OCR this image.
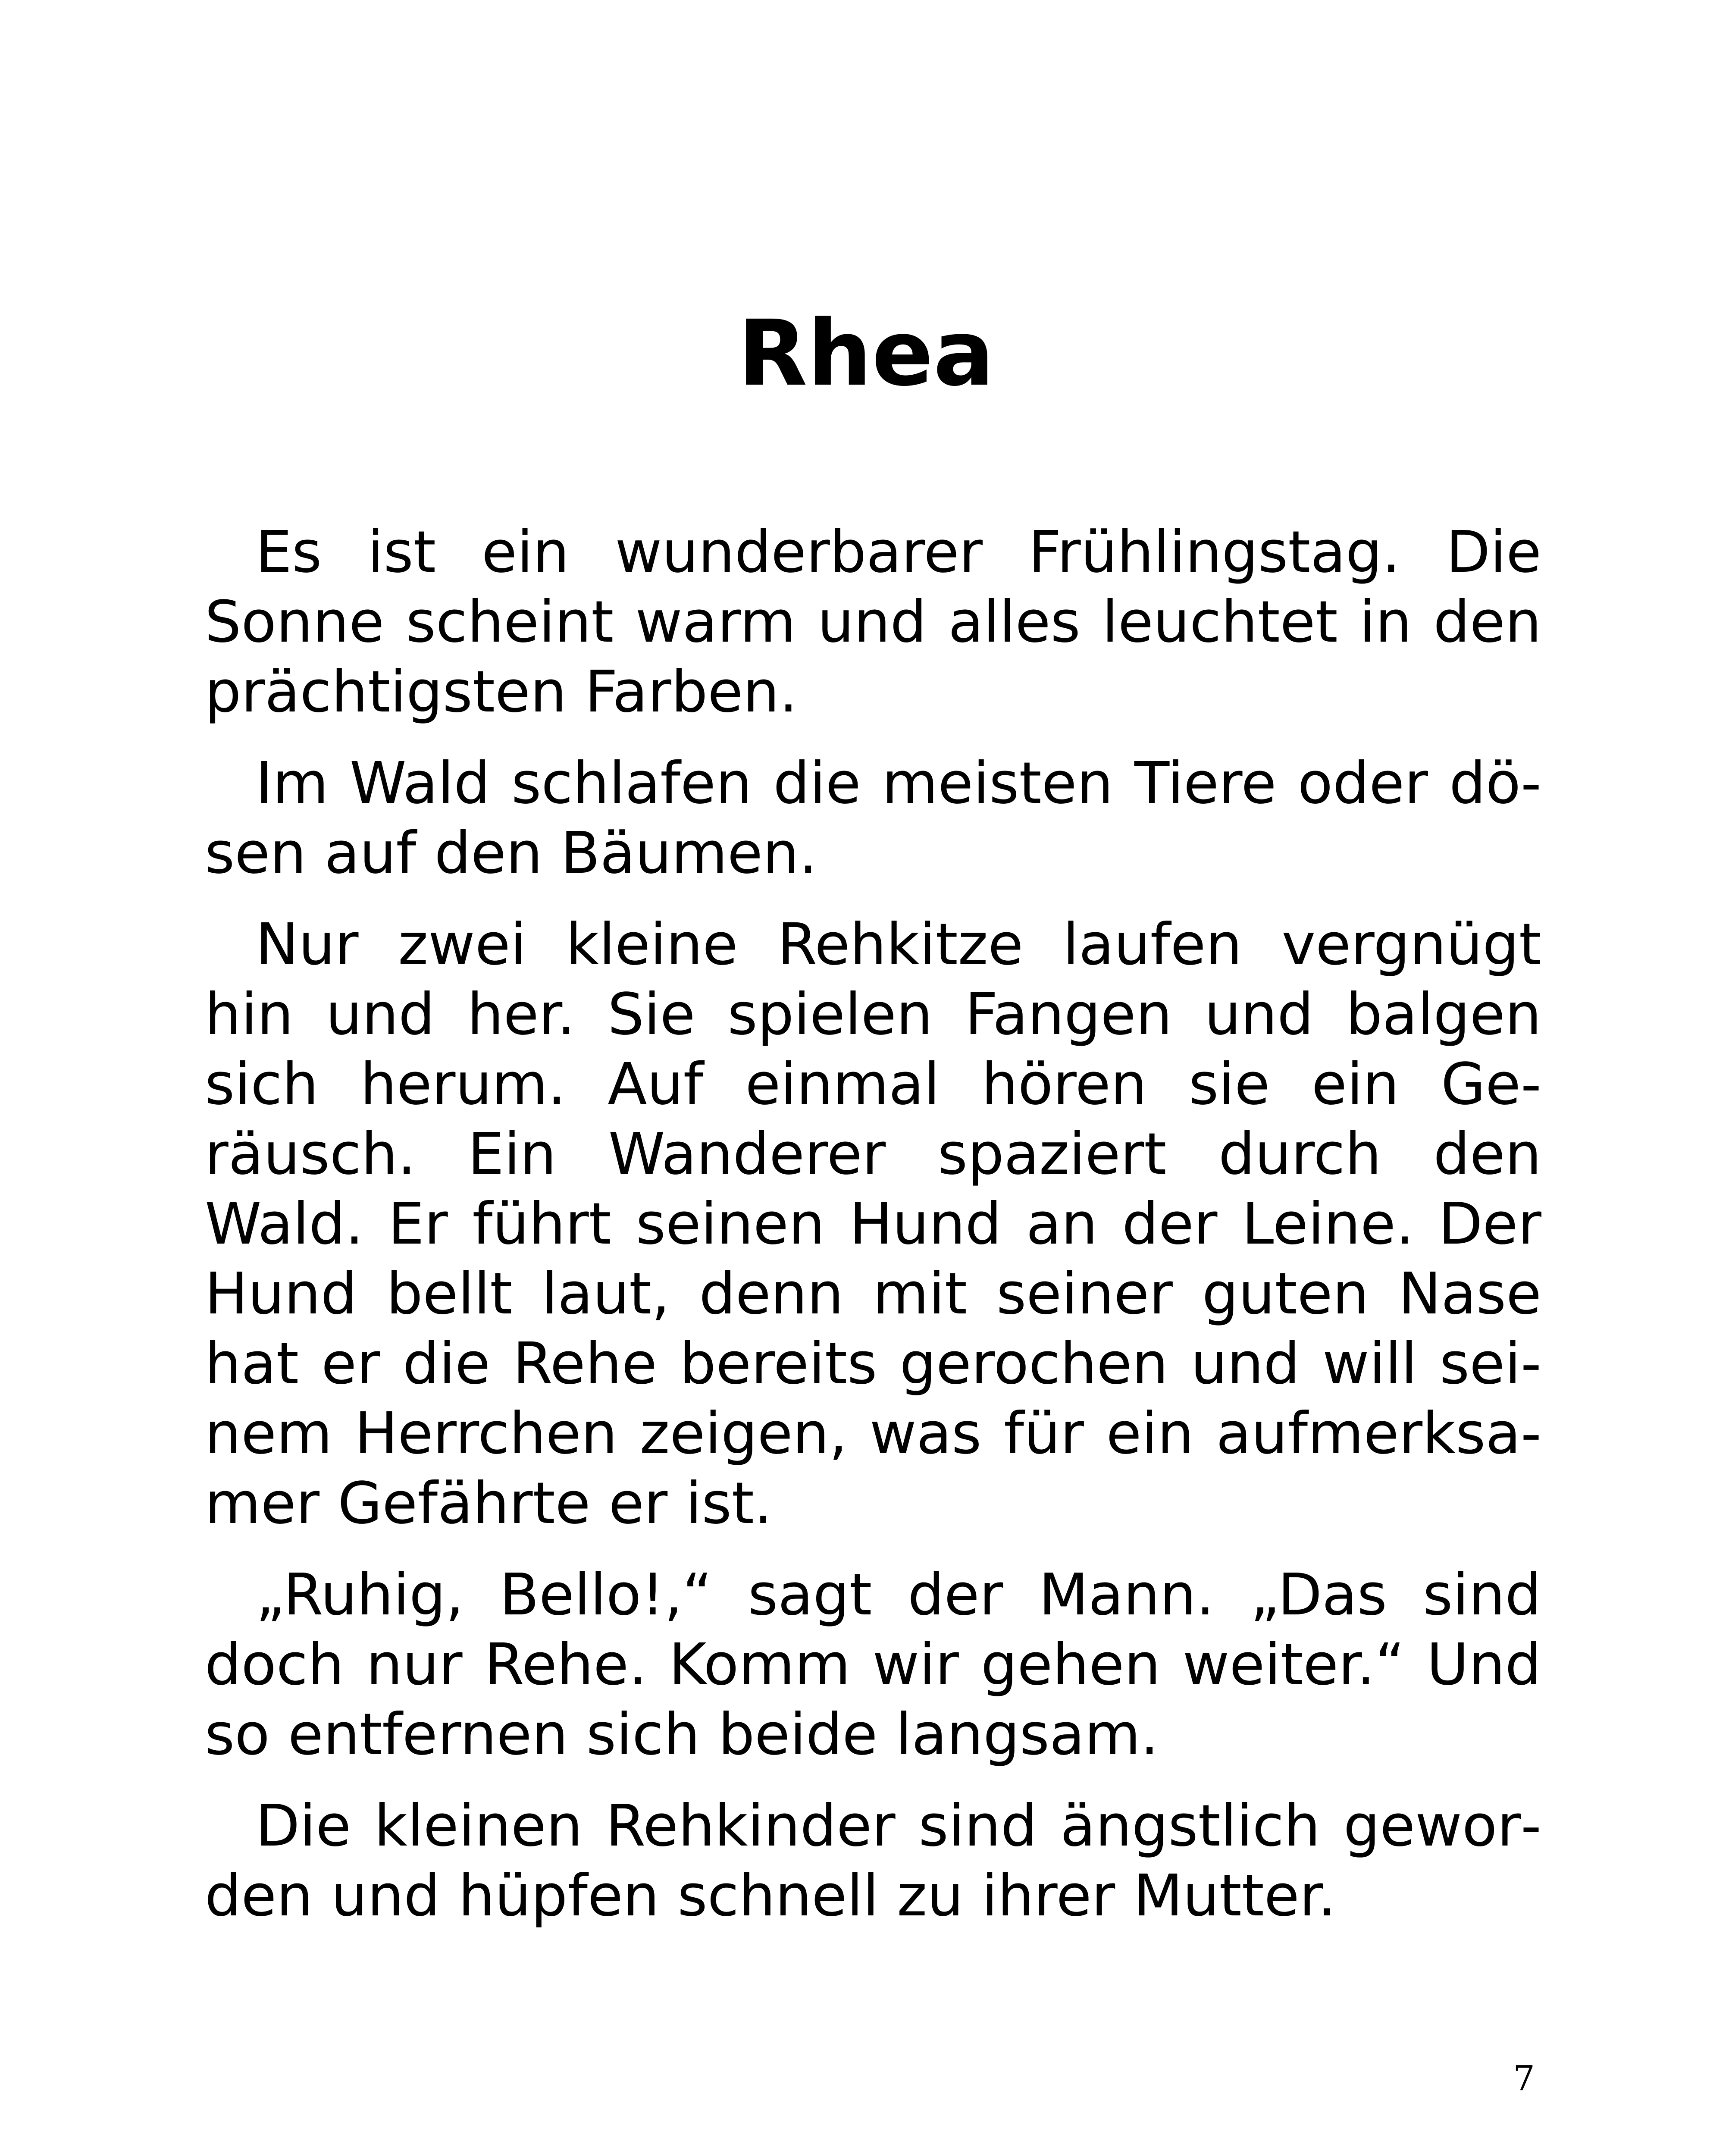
Rhea

Es ist ein wunderbarer Frühlingstag. Die Sonne scheint warm und alles leuchtet in den prächtigsten Farben.

Im Wald schlafen die meisten Tiere oder dösen auf den Bäumen.

Nur zwei kleine Rehkitze laufen vergnügt hin und her. Sie spielen Fangen und balgen sich herum. Auf einmal hören sie ein Geräusch. Ein Wanderer spaziert durch den Wald. Er führt seinen Hund an der Leine. Der Hund bellt laut, denn mit seiner guten Nase hat er die Rehe bereits gerochen und will seinem Herrchen zeigen, was für ein aufmerksamer Gefährte er ist.

„Ruhig, Bello!,“ sagt der Mann. „Das sind doch nur Rehe. Komm wir gehen weiter.“ Und so entfernen sich beide langsam.

Die kleinen Rehkinder sind ängstlich geworden und hüpfen schnell zu ihrer Mutter.

7
